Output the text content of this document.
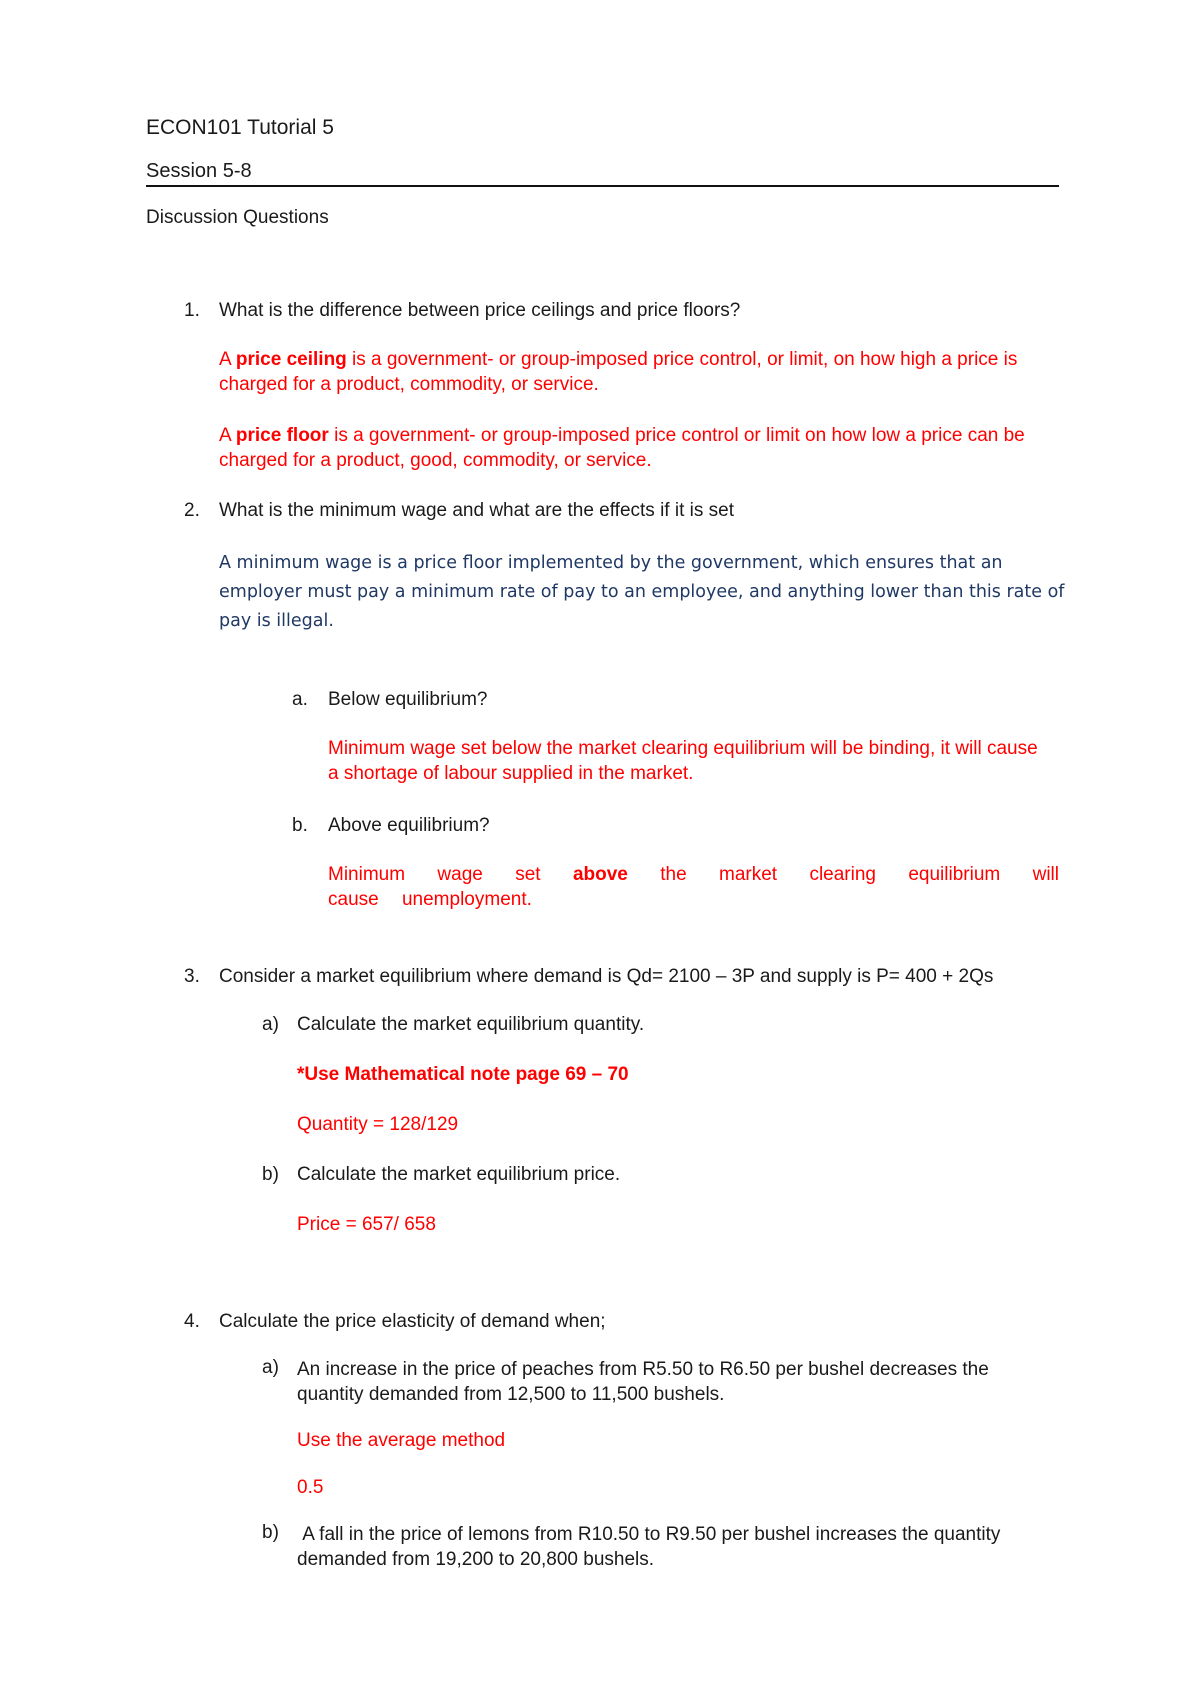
ECON101 Tutorial 5

Session 5-8

Discussion Questions

1. What is the difference between price ceilings and price floors?

A price ceiling is a government- or group-imposed price control, or limit, on how high a price is charged for a product, commodity, or service.

A price floor is a government- or group-imposed price control or limit on how low a price can be charged for a product, good, commodity, or service.

2. What is the minimum wage and what are the effects if it is set

A minimum wage is a price floor implemented by the government, which ensures that an employer must pay a minimum rate of pay to an employee, and anything lower than this rate of pay is illegal.

a. Below equilibrium?

Minimum wage set below the market clearing equilibrium will be binding, it will cause a shortage of labour supplied in the market.

b. Above equilibrium?

Minimum wage set above the market clearing equilibrium will cause unemployment.

3. Consider a market equilibrium where demand is Qd= 2100 – 3P and supply is P= 400 + 2Qs

a) Calculate the market equilibrium quantity.

*Use Mathematical note page 69 – 70

Quantity = 128/129

b) Calculate the market equilibrium price.

Price = 657/ 658

4. Calculate the price elasticity of demand when;

a) An increase in the price of peaches from R5.50 to R6.50 per bushel decreases the quantity demanded from 12,500 to 11,500 bushels.

Use the average method

0.5

b) A fall in the price of lemons from R10.50 to R9.50 per bushel increases the quantity demanded from 19,200 to 20,800 bushels.
